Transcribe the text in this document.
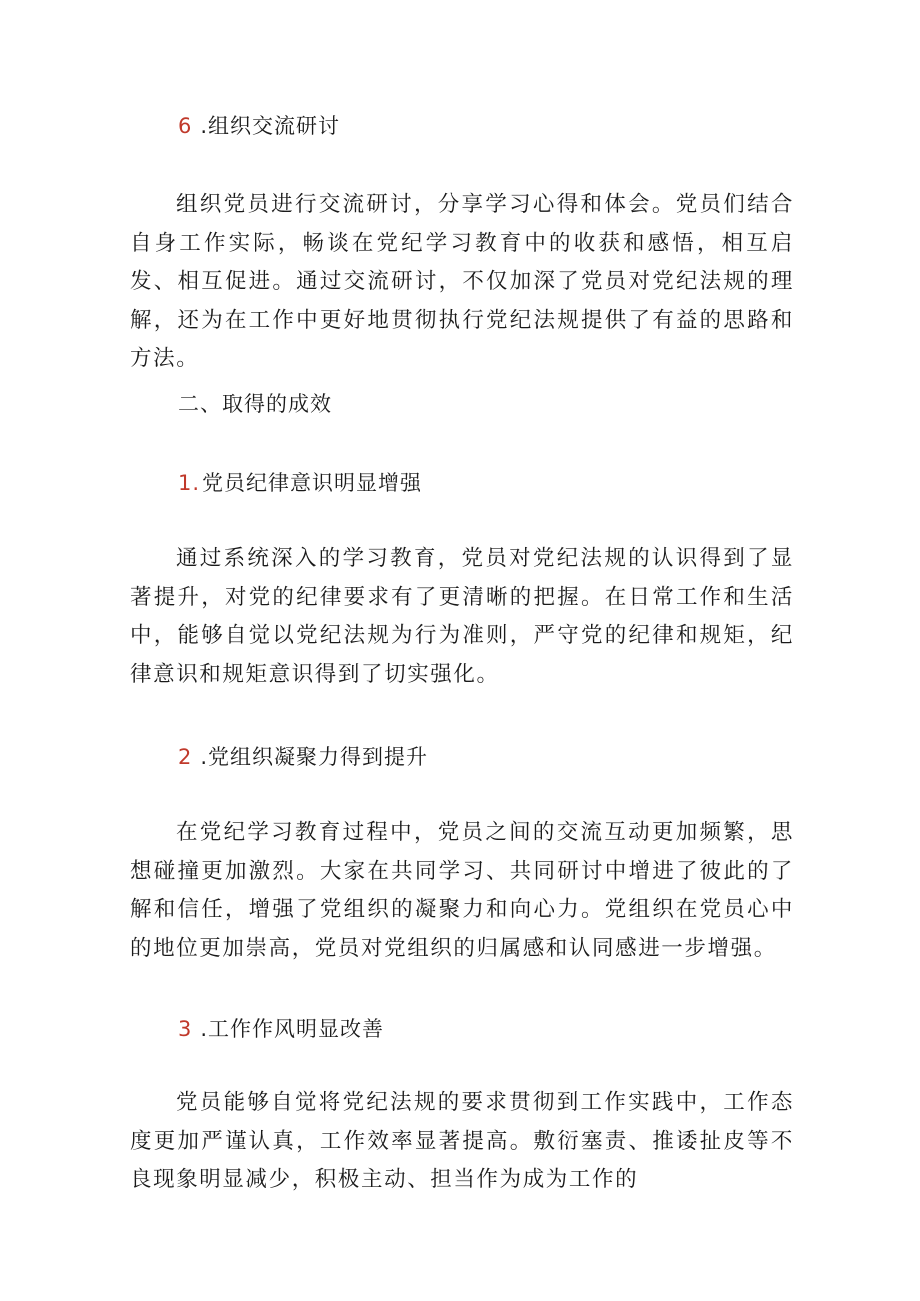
6 .组织交流研讨

组织党员进行交流研讨，分享学习心得和体会。党员们结合自身工作实际，畅谈在党纪学习教育中的收获和感悟，相互启发、相互促进。通过交流研讨，不仅加深了党员对党纪法规的理解，还为在工作中更好地贯彻执行党纪法规提供了有益的思路和方法。

二、取得的成效
1.党员纪律意识明显增强

通过系统深入的学习教育，党员对党纪法规的认识得到了显著提升，对党的纪律要求有了更清晰的把握。在日常工作和生活中，能够自觉以党纪法规为行为准则，严守党的纪律和规矩，纪律意识和规矩意识得到了切实强化。

2 .党组织凝聚力得到提升

在党纪学习教育过程中，党员之间的交流互动更加频繁，思想碰撞更加激烈。大家在共同学习、共同研讨中增进了彼此的了解和信任，增强了党组织的凝聚力和向心力。党组织在党员心中的地位更加崇高，党员对党组织的归属感和认同感进一步增强。

3 .工作作风明显改善

党员能够自觉将党纪法规的要求贯彻到工作实践中，工作态度更加严谨认真，工作效率显著提高。敷衍塞责、推诿扯皮等不良现象明显减少，积极主动、担当作为成为工作的
